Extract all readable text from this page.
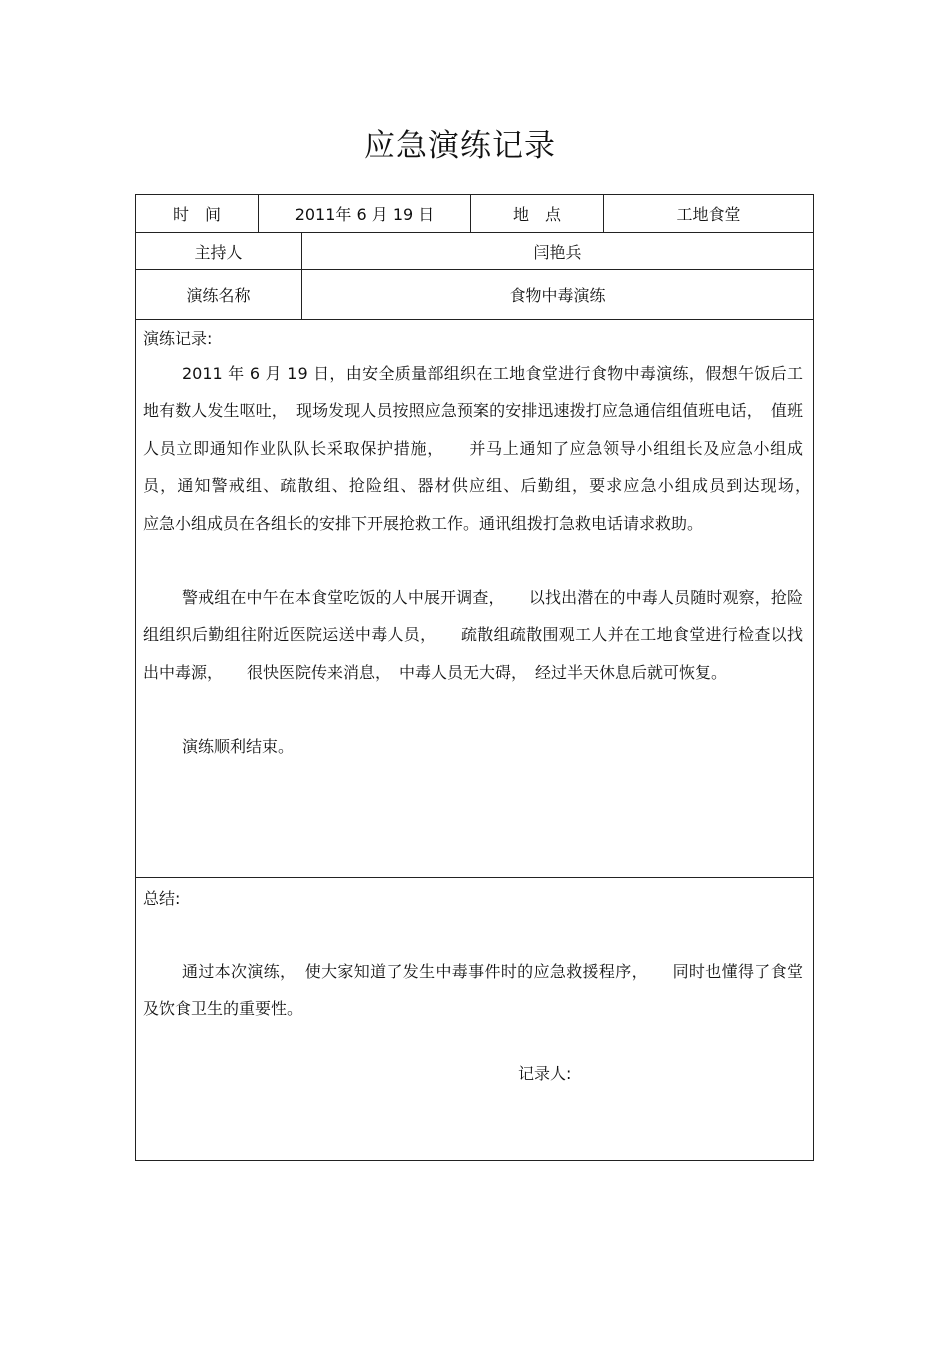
应急演练记录
时　间	2011年 6 月 19 日	地　点	工地食堂
主持人	闫艳兵
演练名称	食物中毒演练
演练记录:
2011 年 6 月 19 日，由安全质量部组织在工地食堂进行食物中毒演练，假想午饭后工地有数人发生呕吐，　现场发现人员按照应急预案的安排迅速拨打应急通信组值班电话，　值班人员立即通知作业队队长采取保护措施，　　并马上通知了应急领导小组组长及应急小组成员，通知警戒组、疏散组、抢险组、器材供应组、后勤组，要求应急小组成员到达现场，　　应急小组成员在各组长的安排下开展抢救工作。通讯组拨打急救电话请求救助。
警戒组在中午在本食堂吃饭的人中展开调查，　　以找出潜在的中毒人员随时观察，抢险组组织后勤组往附近医院运送中毒人员，　　疏散组疏散围观工人并在工地食堂进行检查以找出中毒源，　　很快医院传来消息，　中毒人员无大碍，　经过半天休息后就可恢复。
演练顺利结束。
总结:
通过本次演练，　使大家知道了发生中毒事件时的应急救援程序，　　同时也懂得了食堂及饮食卫生的重要性。
记录人:
